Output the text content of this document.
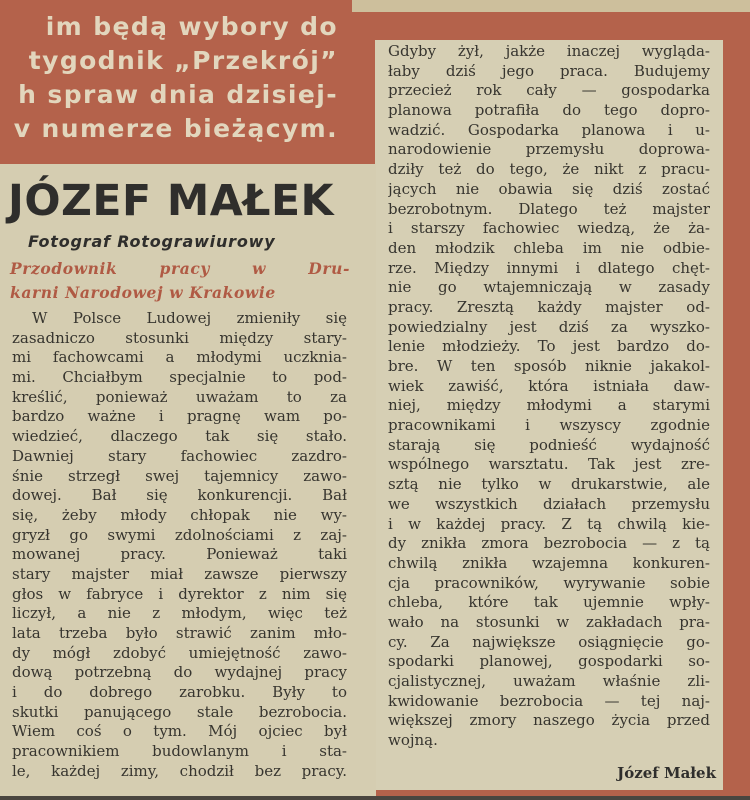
im będą wybory do
tygodnik „Przekrój”
h spraw dnia dzisiej-
v numerze bieżącym.
JÓZEF MAŁEK
Fotograf Rotograwiurowy
Przodownik pracy w Dru-
karni Narodowej w Krakowie
W Polsce Ludowej zmieniły się
zasadniczo stosunki między stary-
mi fachowcami a młodymi uczknia-
mi. Chciałbym specjalnie to pod-
kreślić, ponieważ uważam to za
bardzo ważne i pragnę wam po-
wiedzieć, dlaczego tak się stało.
Dawniej stary fachowiec zazdro-
śnie strzegł swej tajemnicy zawo-
dowej. Bał się konkurencji. Bał
się, żeby młody chłopak nie wy-
gryzł go swymi zdolnościami z zaj-
mowanej pracy. Ponieważ taki
stary majster miał zawsze pierwszy
głos w fabryce i dyrektor z nim się
liczył, a nie z młodym, więc też
lata trzeba było strawić zanim mło-
dy mógł zdobyć umiejętność zawo-
dową potrzebną do wydajnej pracy
i do dobrego zarobku. Były to
skutki panującego stale bezrobocia.
Wiem coś o tym. Mój ojciec był
pracownikiem budowlanym i sta-
le, każdej zimy, chodził bez pracy.
Gdyby żył, jakże inaczej wygląda-
łaby dziś jego praca. Budujemy
przecież rok cały — gospodarka
planowa potrafiła do tego dopro-
wadzić. Gospodarka planowa i u-
narodowienie przemysłu doprowa-
dziły też do tego, że nikt z pracu-
jących nie obawia się dziś zostać
bezrobotnym. Dlatego też majster
i starszy fachowiec wiedzą, że ża-
den młodzik chleba im nie odbie-
rze. Między innymi i dlatego chęt-
nie go wtajemniczają w zasady
pracy. Zresztą każdy majster od-
powiedzialny jest dziś za wyszko-
lenie młodzieży. To jest bardzo do-
bre. W ten sposób niknie jakakol-
wiek zawiść, która istniała daw-
niej, między młodymi a starymi
pracownikami i wszyscy zgodnie
starają się podnieść wydajność
wspólnego warsztatu. Tak jest zre-
sztą nie tylko w drukarstwie, ale
we wszystkich działach przemysłu
i w każdej pracy. Z tą chwilą kie-
dy znikła zmora bezrobocia — z tą
chwilą znikła wzajemna konkuren-
cja pracowników, wyrywanie sobie
chleba, które tak ujemnie wpły-
wało na stosunki w zakładach pra-
cy. Za największe osiągnięcie go-
spodarki planowej, gospodarki so-
cjalistycznej, uważam właśnie zli-
kwidowanie bezrobocia — tej naj-
większej zmory naszego życia przed
wojną.
Józef Małek
